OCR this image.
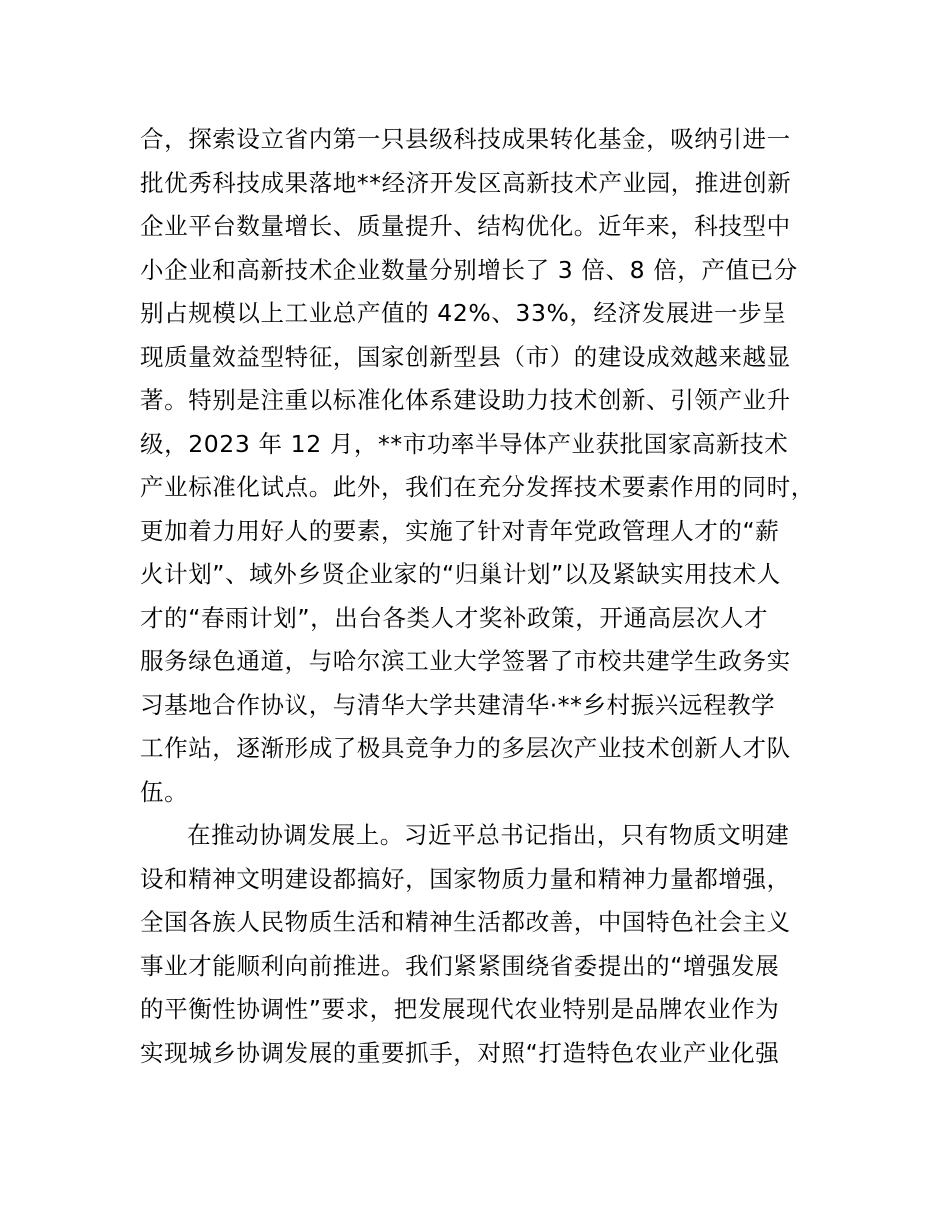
合，探索设立省内第一只县级科技成果转化基金，吸纳引进一
批优秀科技成果落地**经济开发区高新技术产业园，推进创新
企业平台数量增长、质量提升、结构优化。近年来，科技型中
小企业和高新技术企业数量分别增长了 3 倍、8 倍，产值已分
别占规模以上工业总产值的 42%、33%，经济发展进一步呈
现质量效益型特征，国家创新型县（市）的建设成效越来越显
著。特别是注重以标准化体系建设助力技术创新、引领产业升
级，2023 年 12 月，**市功率半导体产业获批国家高新技术
产业标准化试点。此外，我们在充分发挥技术要素作用的同时，
更加着力用好人的要素，实施了针对青年党政管理人才的“薪
火计划”、域外乡贤企业家的“归巢计划”以及紧缺实用技术人
才的“春雨计划”，出台各类人才奖补政策，开通高层次人才
服务绿色通道，与哈尔滨工业大学签署了市校共建学生政务实
习基地合作协议，与清华大学共建清华·**乡村振兴远程教学
工作站，逐渐形成了极具竞争力的多层次产业技术创新人才队
伍。
在推动协调发展上。习近平总书记指出，只有物质文明建
设和精神文明建设都搞好，国家物质力量和精神力量都增强，
全国各族人民物质生活和精神生活都改善，中国特色社会主义
事业才能顺利向前推进。我们紧紧围绕省委提出的“增强发展
的平衡性协调性”要求，把发展现代农业特别是品牌农业作为
实现城乡协调发展的重要抓手，对照“打造特色农业产业化强
